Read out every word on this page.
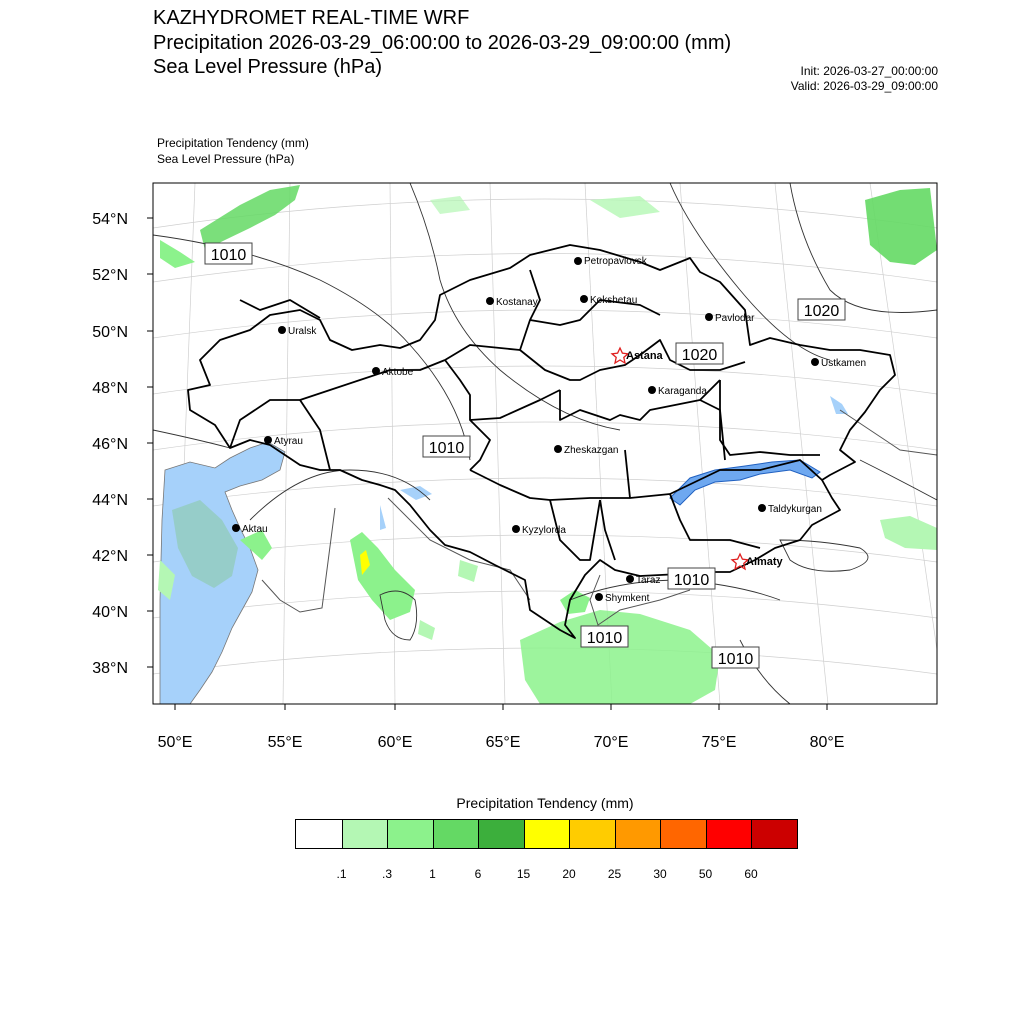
KAZHYDROMET REAL-TIME WRF
Precipitation 2026-03-29_06:00:00 to 2026-03-29_09:00:00 (mm)
Sea Level Pressure (hPa)	Init: 2026-03-27_00:00:00
Valid: 2026-03-29_09:00:00
Precipitation Tendency (mm)
Sea Level Pressure (hPa)
Petropavlovsk
Kostanay	Kokshetau
Pavlodar
Uralsk
Astana
Ustkamen
Aktobe
Karaganda
Atyrau
Zheskazgan
Aktau	Kyzylorda
Taldykurgan
Almaty
Taraz
Shymkent
1010
1020
1020
1010
1010
1010
1010
54°N
52°N
50°N
48°N
46°N
44°N
42°N
40°N
38°N
50°E	55°E	60°E	65°E	70°E	75°E	80°E
Precipitation Tendency (mm)
.1	.3	1	6	15	20	25	30	50	60
